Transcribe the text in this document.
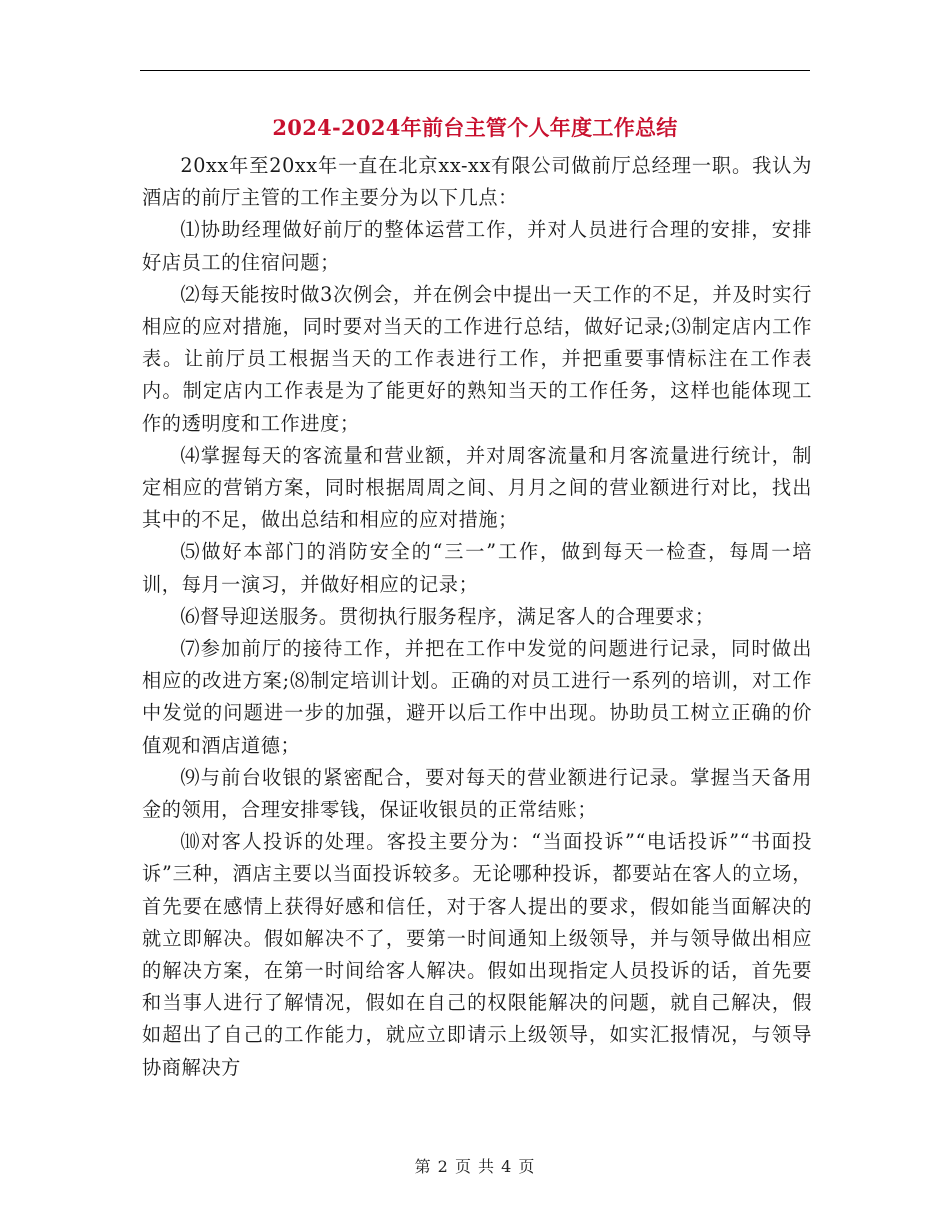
2024-2024年前台主管个人年度工作总结

20xx年至20xx年一直在北京xx-xx有限公司做前厅总经理一职。我认为酒店的前厅主管的工作主要分为以下几点：

⑴协助经理做好前厅的整体运营工作，并对人员进行合理的安排，安排好店员工的住宿问题；

⑵每天能按时做3次例会，并在例会中提出一天工作的不足，并及时实行相应的应对措施，同时要对当天的工作进行总结，做好记录;⑶制定店内工作表。让前厅员工根据当天的工作表进行工作，并把重要事情标注在工作表内。制定店内工作表是为了能更好的熟知当天的工作任务，这样也能体现工作的透明度和工作进度；

⑷掌握每天的客流量和营业额，并对周客流量和月客流量进行统计，制定相应的营销方案，同时根据周周之间、月月之间的营业额进行对比，找出其中的不足，做出总结和相应的应对措施；

⑸做好本部门的消防安全的“三一”工作，做到每天一检查，每周一培训，每月一演习，并做好相应的记录；

⑹督导迎送服务。贯彻执行服务程序，满足客人的合理要求；

⑺参加前厅的接待工作，并把在工作中发觉的问题进行记录，同时做出相应的改进方案;⑻制定培训计划。正确的对员工进行一系列的培训，对工作中发觉的问题进一步的加强，避开以后工作中出现。协助员工树立正确的价值观和酒店道德；

⑼与前台收银的紧密配合，要对每天的营业额进行记录。掌握当天备用金的领用，合理安排零钱，保证收银员的正常结账；

⑽对客人投诉的处理。客投主要分为：“当面投诉”“电话投诉”“书面投诉”三种，酒店主要以当面投诉较多。无论哪种投诉，都要站在客人的立场，首先要在感情上获得好感和信任，对于客人提出的要求，假如能当面解决的就立即解决。假如解决不了，要第一时间通知上级领导，并与领导做出相应的解决方案，在第一时间给客人解决。假如出现指定人员投诉的话，首先要和当事人进行了解情况，假如在自己的权限能解决的问题，就自己解决，假如超出了自己的工作能力，就应立即请示上级领导，如实汇报情况，与领导协商解决方

第 2 页 共 4 页
